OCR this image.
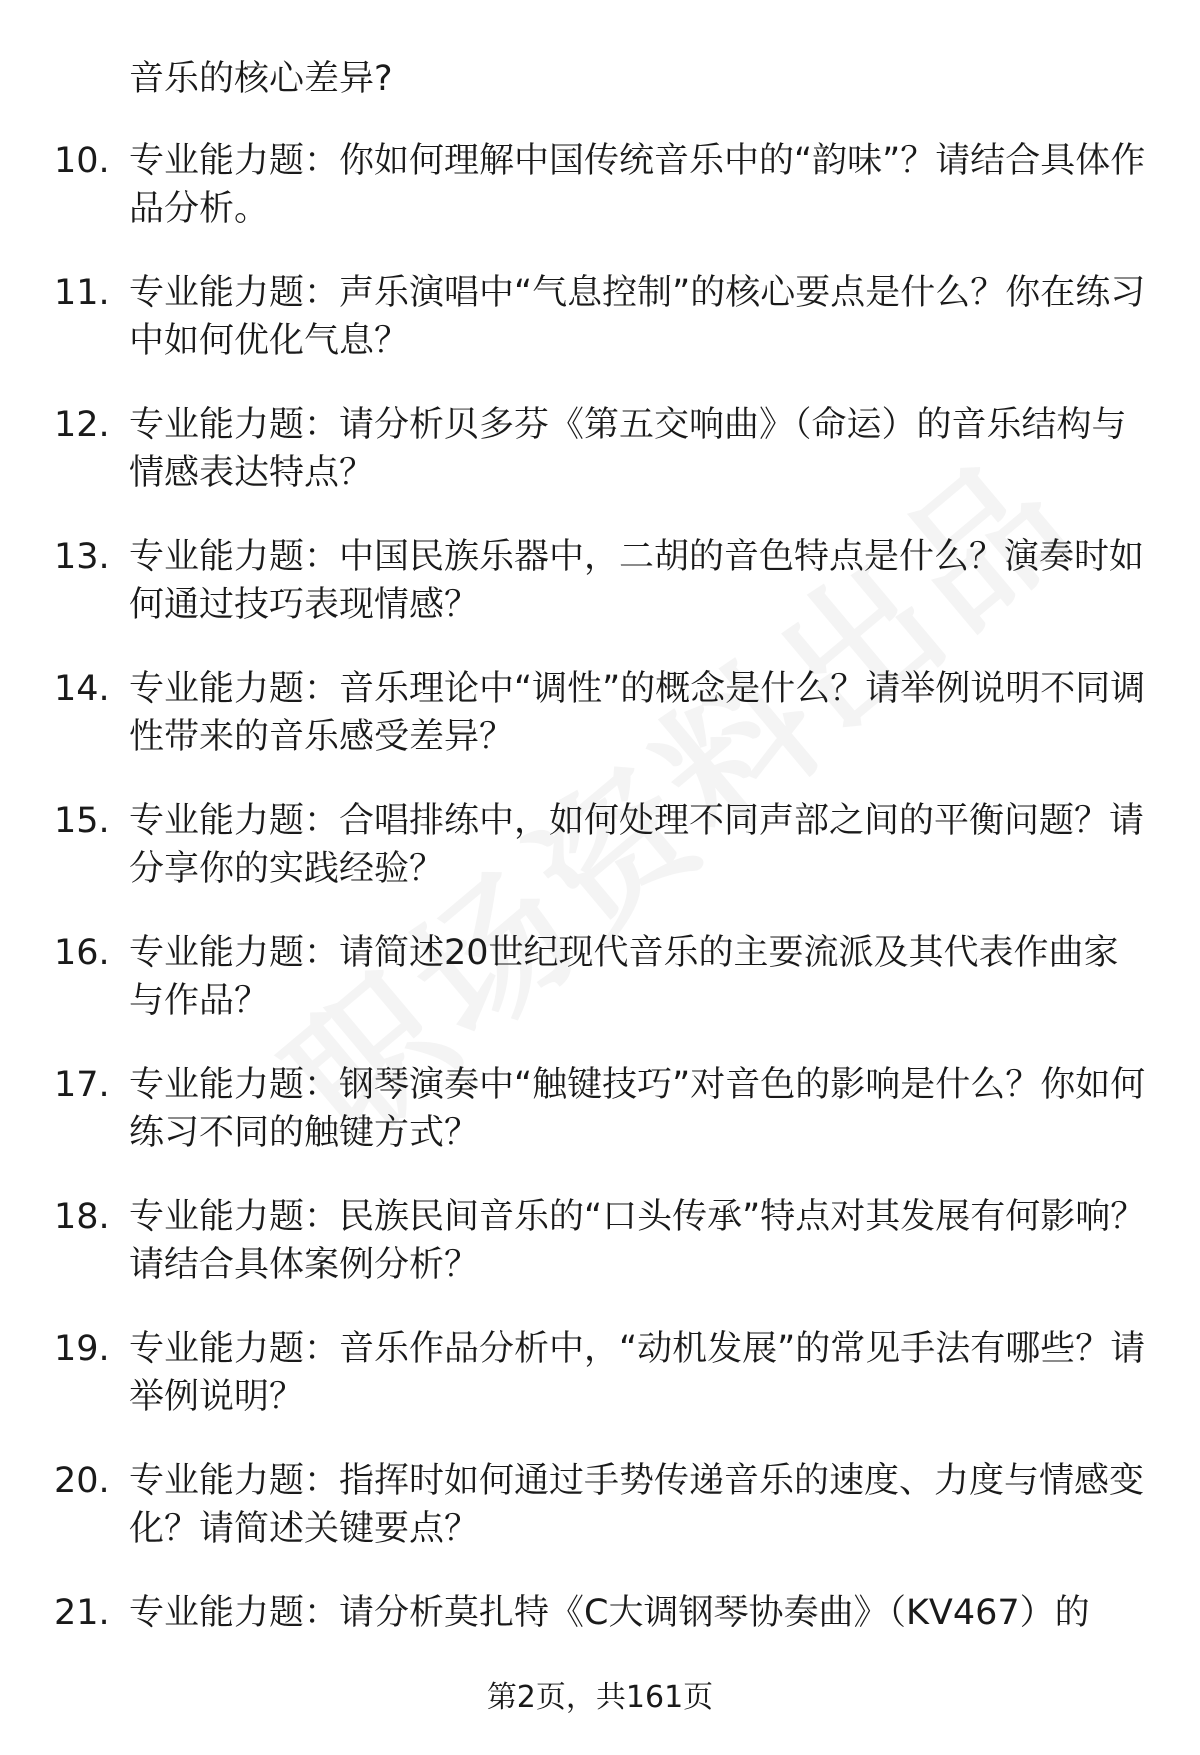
音乐的核心差异?

10. 专业能力题：你如何理解中国传统音乐中的“韵味”？请结合具体作品分析。
11. 专业能力题：声乐演唱中“气息控制”的核心要点是什么？你在练习中如何优化气息？
12. 专业能力题：请分析贝多芬《第五交响曲》（命运）的音乐结构与情感表达特点？
13. 专业能力题：中国民族乐器中，二胡的音色特点是什么？演奏时如何通过技巧表现情感？
14. 专业能力题：音乐理论中“调性”的概念是什么？请举例说明不同调性带来的音乐感受差异？
15. 专业能力题：合唱排练中，如何处理不同声部之间的平衡问题？请分享你的实践经验？
16. 专业能力题：请简述20世纪现代音乐的主要流派及其代表作曲家与作品？
17. 专业能力题：钢琴演奏中“触键技巧”对音色的影响是什么？你如何练习不同的触键方式？
18. 专业能力题：民族民间音乐的“口头传承”特点对其发展有何影响？请结合具体案例分析？
19. 专业能力题：音乐作品分析中，“动机发展”的常见手法有哪些？请举例说明？
20. 专业能力题：指挥时如何通过手势传递音乐的速度、力度与情感变化？请简述关键要点？
21. 专业能力题：请分析莫扎特《C大调钢琴协奏曲》（KV467）的
第2页，共161页
